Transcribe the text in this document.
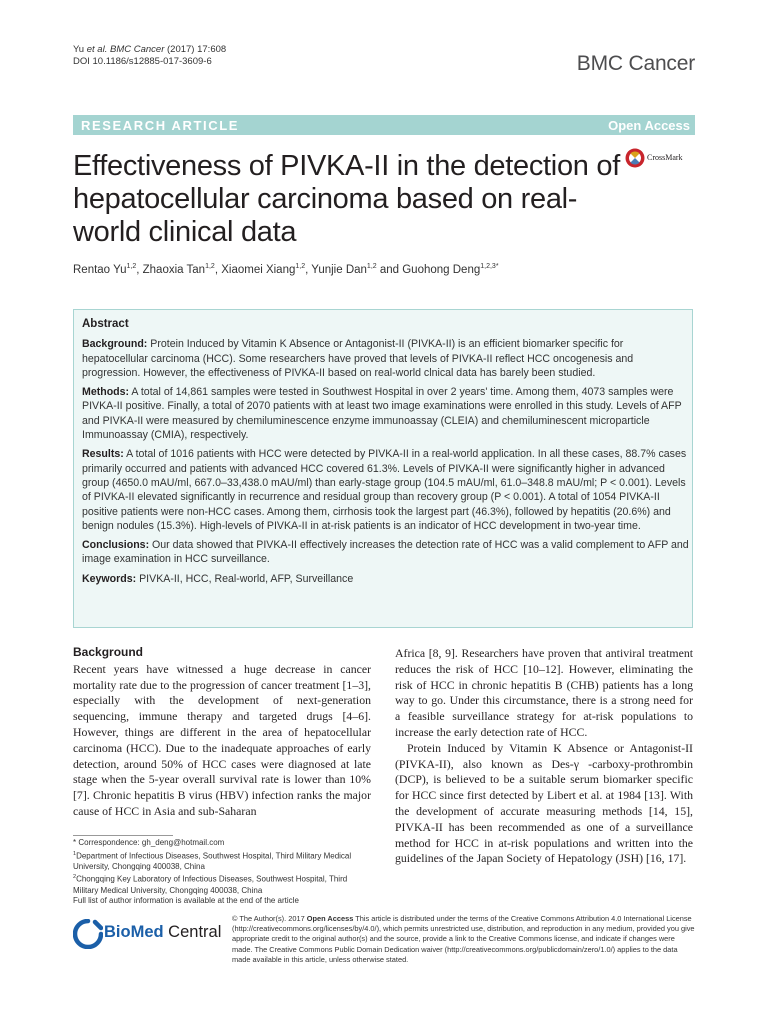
Yu et al. BMC Cancer (2017) 17:608
DOI 10.1186/s12885-017-3609-6	BMC Cancer
RESEARCH ARTICLE	Open Access
Effectiveness of PIVKA-II in the detection of hepatocellular carcinoma based on real-world clinical data
CrossMark
Rentao Yu$^{1,2}$, Zhaoxia Tan$^{1,2}$, Xiaomei Xiang$^{1,2}$, Yunjie Dan$^{1,2}$ and Guohong Deng$^{1,2,3*}$
Abstract

Background: Protein Induced by Vitamin K Absence or Antagonist-II (PIVKA-II) is an efficient biomarker specific for hepatocellular carcinoma (HCC). Some researchers have proved that levels of PIVKA-II reflect HCC oncogenesis and progression. However, the effectiveness of PIVKA-II based on real-world clnical data has barely been studied.

Methods: A total of 14,861 samples were tested in Southwest Hospital in over 2 years' time. Among them, 4073 samples were PIVKA-II positive. Finally, a total of 2070 patients with at least two image examinations were enrolled in this study. Levels of AFP and PIVKA-II were measured by chemiluminescence enzyme immunoassay (CLEIA) and chemiluminescent microparticle Immunoassay (CMIA), respectively.

Results: A total of 1016 patients with HCC were detected by PIVKA-II in a real-world application. In all these cases, 88.7% cases primarily occurred and patients with advanced HCC covered 61.3%. Levels of PIVKA-II were significantly higher in advanced group (4650.0 mAU/ml, 667.0–33,438.0 mAU/ml) than early-stage group (104.5 mAU/ml, 61.0–348.8 mAU/ml; P < 0.001). Levels of PIVKA-II elevated significantly in recurrence and residual group than recovery group (P < 0.001). A total of 1054 PIVKA-II positive patients were non-HCC cases. Among them, cirrhosis took the largest part (46.3%), followed by hepatitis (20.6%) and benign nodules (15.3%). High-levels of PIVKA-II in at-risk patients is an indicator of HCC development in two-year time.

Conclusions: Our data showed that PIVKA-II effectively increases the detection rate of HCC was a valid complement to AFP and image examination in HCC surveillance.

Keywords: PIVKA-II, HCC, Real-world, AFP, Surveillance

Background

Recent years have witnessed a huge decrease in cancer mortality rate due to the progression of cancer treatment [1–3], especially with the development of next-generation sequencing, immune therapy and targeted drugs [4–6]. However, things are different in the area of hepatocellular carcinoma (HCC). Due to the inadequate approaches of early detection, around 50% of HCC cases were diagnosed at late stage when the 5-year overall survival rate is lower than 10% [7]. Chronic hepatitis B virus (HBV) infection ranks the major cause of HCC in Asia and sub-Saharan

Africa [8, 9]. Researchers have proven that antiviral treatment reduces the risk of HCC [10–12]. However, eliminating the risk of HCC in chronic hepatitis B (CHB) patients has a long way to go. Under this circumstance, there is a strong need for a feasible surveillance strategy for at-risk populations to increase the early detection rate of HCC.

Protein Induced by Vitamin K Absence or Antagonist-II (PIVKA-II), also known as Des-γ -carboxy-prothrombin (DCP), is believed to be a suitable serum biomarker specific for HCC since first detected by Libert et al. at 1984 [13]. With the development of accurate measuring methods [14, 15], PIVKA-II has been recommended as one of a surveillance method for HCC in at-risk populations and written into the guidelines of the Japan Society of Hepatology (JSH) [16, 17].

* Correspondence: gh_deng@hotmail.com
$^1$Department of Infectious Diseases, Southwest Hospital, Third Military Medical University, Chongqing 400038, China
$^2$Chongqing Key Laboratory of Infectious Diseases, Southwest Hospital, Third Military Medical University, Chongqing 400038, China
Full list of author information is available at the end of the article
BioMed Central
© The Author(s). 2017 Open Access This article is distributed under the terms of the Creative Commons Attribution 4.0 International License (http://creativecommons.org/licenses/by/4.0/), which permits unrestricted use, distribution, and reproduction in any medium, provided you give appropriate credit to the original author(s) and the source, provide a link to the Creative Commons license, and indicate if changes were made. The Creative Commons Public Domain Dedication waiver (http://creativecommons.org/publicdomain/zero/1.0/) applies to the data made available in this article, unless otherwise stated.
